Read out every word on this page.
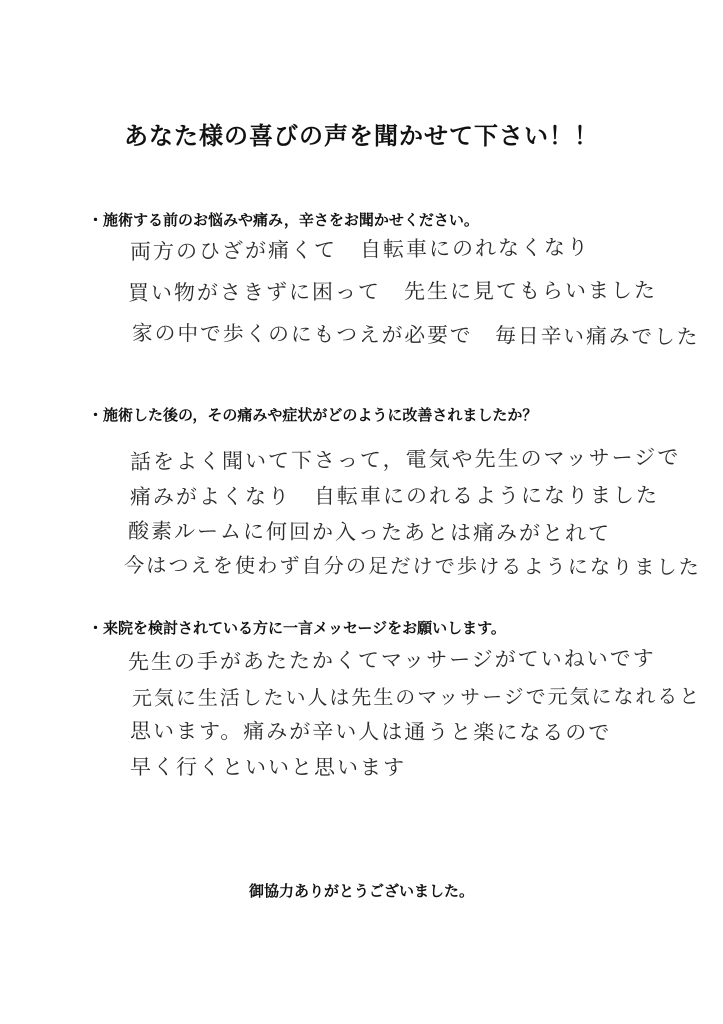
あなた様の喜びの声を聞かせて下さい！！
・施術する前のお悩みや痛み，辛さをお聞かせください。
両方のひざが痛くて　自転車にのれなくなり
買い物がさきずに困って　先生に見てもらいました
家の中で歩くのにもつえが必要で　毎日辛い痛みでした
・施術した後の，その痛みや症状がどのように改善されましたか？
話をよく聞いて下さって，電気や先生のマッサージで
痛みがよくなり　自転車にのれるようになりました
酸素ルームに何回か入ったあとは痛みがとれて
今はつえを使わず自分の足だけで歩けるようになりました
・来院を検討されている方に一言メッセージをお願いします。
先生の手があたたかくてマッサージがていねいです
元気に生活したい人は先生のマッサージで元気になれると
思います。痛みが辛い人は通うと楽になるので
早く行くといいと思います
御協力ありがとうございました。
